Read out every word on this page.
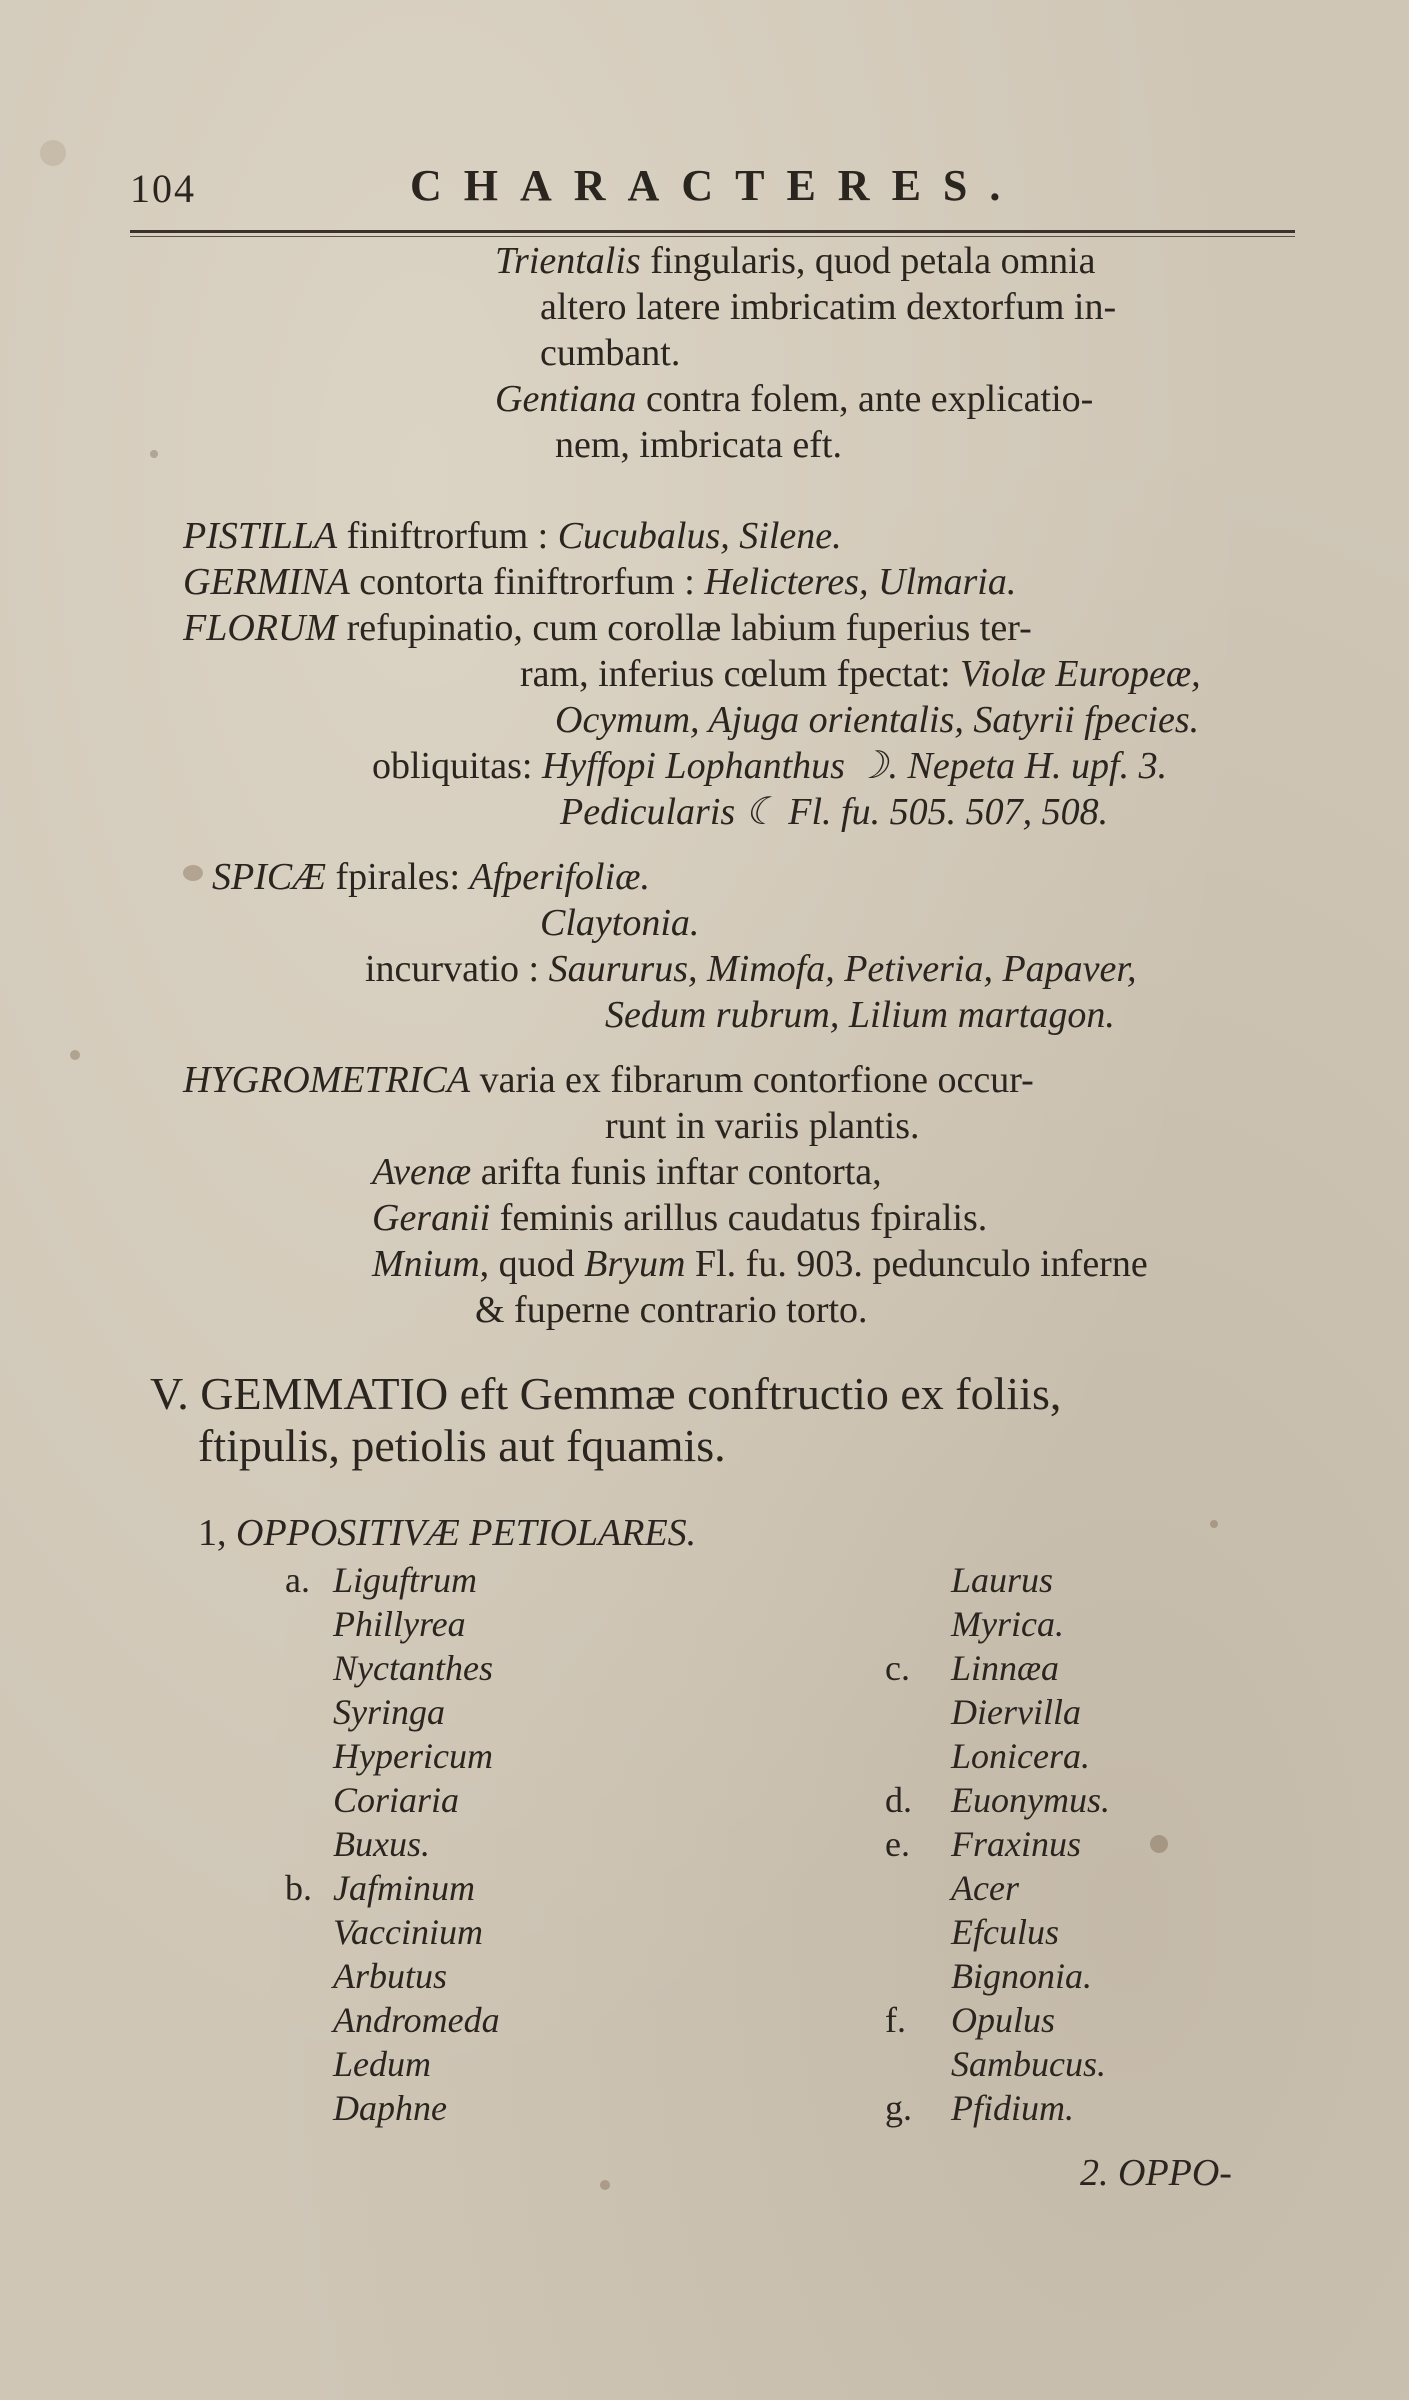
104	CHARACTERES.
Trientalis fingularis, quod petala omnia
altero latere imbricatim dextorfum in-
cumbant.
Gentiana contra folem, ante explicatio-
nem, imbricata eft.
PISTILLA finiftrorfum : Cucubalus, Silene.
GERMINA contorta finiftrorfum : Helicteres, Ulmaria.
FLORUM refupinatio, cum corollæ labium fuperius ter-
ram, inferius cœlum fpectat: Violæ Europeæ,
Ocymum, Ajuga orientalis, Satyrii fpecies.
obliquitas: Hyffopi Lophanthus ☽. Nepeta H. upf. 3.
Pedicularis ☾ Fl. fu. 505. 507, 508.
SPICÆ fpirales: Afperifoliæ.
Claytonia.
incurvatio : Saururus, Mimofa, Petiveria, Papaver,
Sedum rubrum, Lilium martagon.
HYGROMETRICA varia ex fibrarum contorfione occur-
runt in variis plantis.
Avenæ arifta funis inftar contorta,
Geranii feminis arillus caudatus fpiralis.
Mnium, quod Bryum Fl. fu. 903. pedunculo inferne
& fuperne contrario torto.
V. GEMMATIO eft Gemmæ conftructio ex foliis,
ftipulis, petiolis aut fquamis.
1, OPPOSITIVÆ PETIOLARES.
a. Liguftrum
Phillyrea
Nyctanthes
Syringa
Hypericum
Coriaria
Buxus.
b. Jafminum
Vaccinium
Arbutus
Andromeda
Ledum
Daphne
Laurus
Myrica.
c. Linnæa
Diervilla
Lonicera.
d. Euonymus.
e. Fraxinus
Acer
Efculus
Bignonia.
f. Opulus
Sambucus.
g. Pfidium.
2. OPPO-
